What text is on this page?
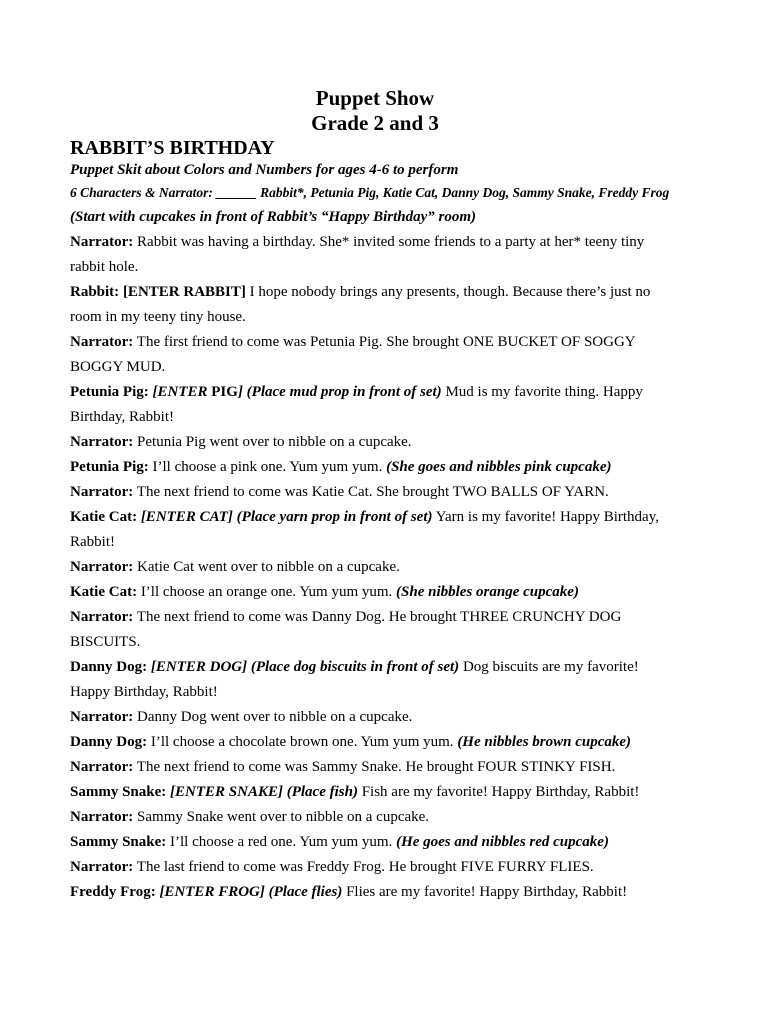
Puppet Show
Grade 2 and 3
RABBIT’S BIRTHDAY
Puppet Skit about Colors and Numbers for ages 4-6 to perform
6 Characters & Narrator: ______ Rabbit*, Petunia Pig, Katie Cat, Danny Dog, Sammy Snake, Freddy Frog
(Start with cupcakes in front of Rabbit’s “Happy Birthday” room)
Narrator: Rabbit was having a birthday. She* invited some friends to a party at her* teeny tiny rabbit hole.
Rabbit: [ENTER RABBIT] I hope nobody brings any presents, though. Because there’s just no room in my teeny tiny house.
Narrator: The first friend to come was Petunia Pig. She brought ONE BUCKET OF SOGGY BOGGY MUD.
Petunia Pig: [ENTER PIG] (Place mud prop in front of set) Mud is my favorite thing. Happy Birthday, Rabbit!
Narrator: Petunia Pig went over to nibble on a cupcake.
Petunia Pig: I’ll choose a pink one. Yum yum yum. (She goes and nibbles pink cupcake)
Narrator: The next friend to come was Katie Cat. She brought TWO BALLS OF YARN.
Katie Cat: [ENTER CAT] (Place yarn prop in front of set) Yarn is my favorite! Happy Birthday, Rabbit!
Narrator: Katie Cat went over to nibble on a cupcake.
Katie Cat: I’ll choose an orange one. Yum yum yum. (She nibbles orange cupcake)
Narrator: The next friend to come was Danny Dog. He brought THREE CRUNCHY DOG BISCUITS.
Danny Dog: [ENTER DOG] (Place dog biscuits in front of set) Dog biscuits are my favorite! Happy Birthday, Rabbit!
Narrator: Danny Dog went over to nibble on a cupcake.
Danny Dog: I’ll choose a chocolate brown one. Yum yum yum. (He nibbles brown cupcake)
Narrator: The next friend to come was Sammy Snake. He brought FOUR STINKY FISH.
Sammy Snake: [ENTER SNAKE] (Place fish) Fish are my favorite! Happy Birthday, Rabbit!
Narrator: Sammy Snake went over to nibble on a cupcake.
Sammy Snake: I’ll choose a red one. Yum yum yum. (He goes and nibbles red cupcake)
Narrator: The last friend to come was Freddy Frog. He brought FIVE FURRY FLIES.
Freddy Frog: [ENTER FROG] (Place flies) Flies are my favorite! Happy Birthday, Rabbit!
